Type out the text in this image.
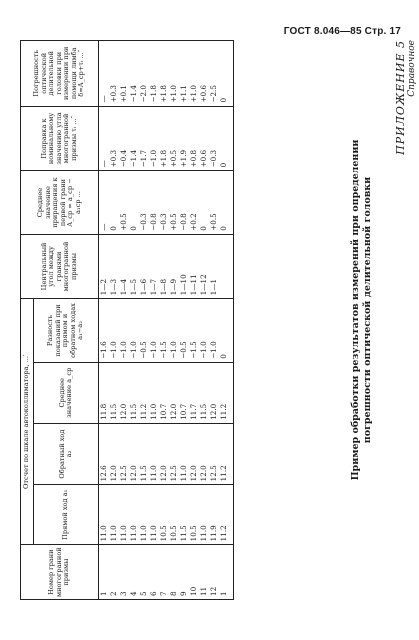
ГОСТ 8.046—85 Стр. 17
Номер грани многогранной призмы	Отсчет по шкале автоколлиматора, ...′				Центральный угол между гранями многогранной призмы	Среднее значение приращения к первой грани A_ср = a_ср − a₁ср ...	Поправка к номинальному значению угла многогранной призмы τᵢ ...″	Погрешность оптической делительной головки при измерении при помощи лимба δ=A_ср+τᵢ ...″
	Прямой ход a₁	Обратный ход a₂	Среднее значение a_ср	Разность показаний при прямом и обратном ходах a₁−a₂				
1	11.0	12.6	11.8	−1.6	1—2	—	—	—
2	11.0	12.0	11.5	−1.0	1—3	0	+0.3	+0.3
3	11.0	12.5	12.0	−1.0	1—4	+0.5	−0.4	+0.1
4	11.0	12.0	11.5	−1.0	1—5	0	−1.4	−1.4
5	11.0	11.5	11.2	−0.5	1—6	−0.3	−1.7	−2.0
6	11.0	11.0	11.0	−1.0	1—7	−0.8	−1.0	−1.8
7	10.5	12.0	10.7	−1.5	1—8	−0.3	+1.8	+1.8
8	10.5	12.5	12.0	−1.0	1—9	+0.5	+0.5	+1.0
9	11.5	11.0	10.7	−0.5	1—10	−0.8	+1.9	+1.1
10	10.5	12.0	11.7	−1.5	1—11	+0.2	+0.8	+1.0
11	11.0	12.0	11.5	−1.0	1—12	0	+0.6	+0.6
12	11.9	12.5	12.0	−1.0	1—1	+0.5	−0.3	−2.5
1	11.2	11.2	11.2	0		0	0	0
Пример обработки результатов измерений при определении погрешности оптической делительной головки
ПРИЛОЖЕНИЕ 5 Справочное
